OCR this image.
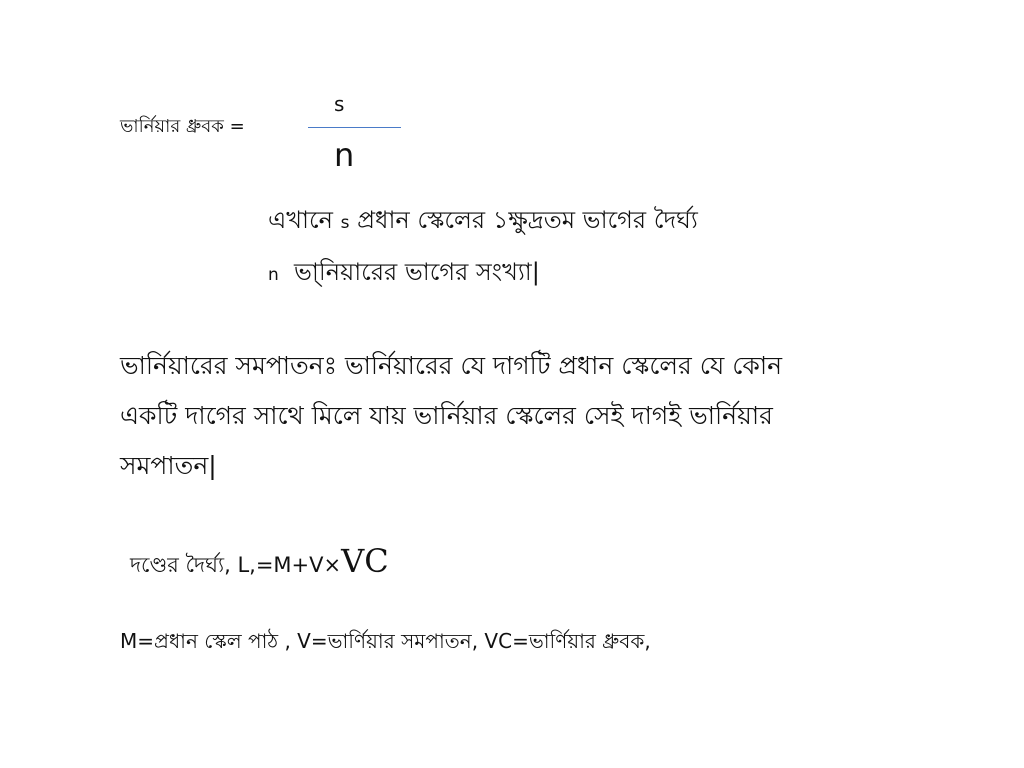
ভার্নিয়ার ধ্রুবক =
s
n
এখানে s প্রধান স্কেলের ১ক্ষুদ্রতম ভাগের দৈর্ঘ্য
n ভা্নিয়ারের ভাগের সংখ্যা|
ভার্নিয়ারের সমপাতনঃ ভার্নিয়ারের যে দাগটি প্রধান স্কেলের যে কোন
একটি দাগের সাথে মিলে যায় ভার্নিয়ার স্কেলের সেই দাগই ভার্নিয়ার
সমপাতন|
দণ্ডের দৈর্ঘ্য, L,=M+V×VC
M=প্রধান স্কেল পাঠ , V=ভার্ণিয়ার সমপাতন, VC=ভার্ণিয়ার ধ্রুবক,
